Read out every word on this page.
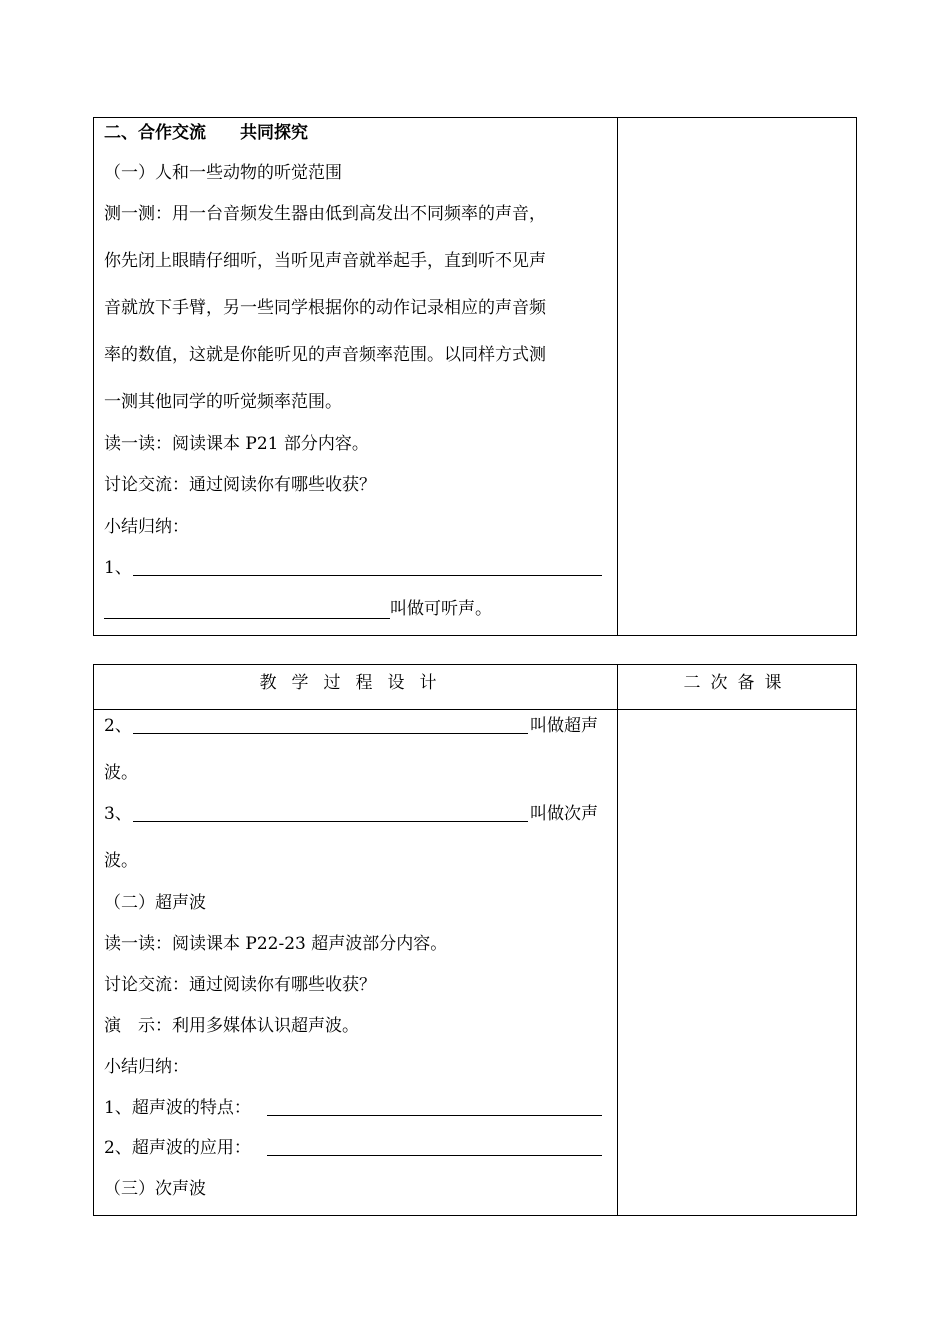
二、合作交流　　共同探究
（一）人和一些动物的听觉范围
测一测：用一台音频发生器由低到高发出不同频率的声音，
你先闭上眼睛仔细听，当听见声音就举起手，直到听不见声
音就放下手臂，另一些同学根据你的动作记录相应的声音频
率的数值，这就是你能听见的声音频率范围。以同样方式测
一测其他同学的听觉频率范围。
读一读：阅读课本 P21 部分内容。
讨论交流：通过阅读你有哪些收获？
小结归纳：
1、
叫做可听声。
教学过程设计	二次备课
2、	叫做超声
波。
3、	叫做次声
波。
（二）超声波
读一读：阅读课本 P22-23 超声波部分内容。
讨论交流：通过阅读你有哪些收获？
演　示：利用多媒体认识超声波。
小结归纳：
1、超声波的特点：
2、超声波的应用：
（三）次声波
